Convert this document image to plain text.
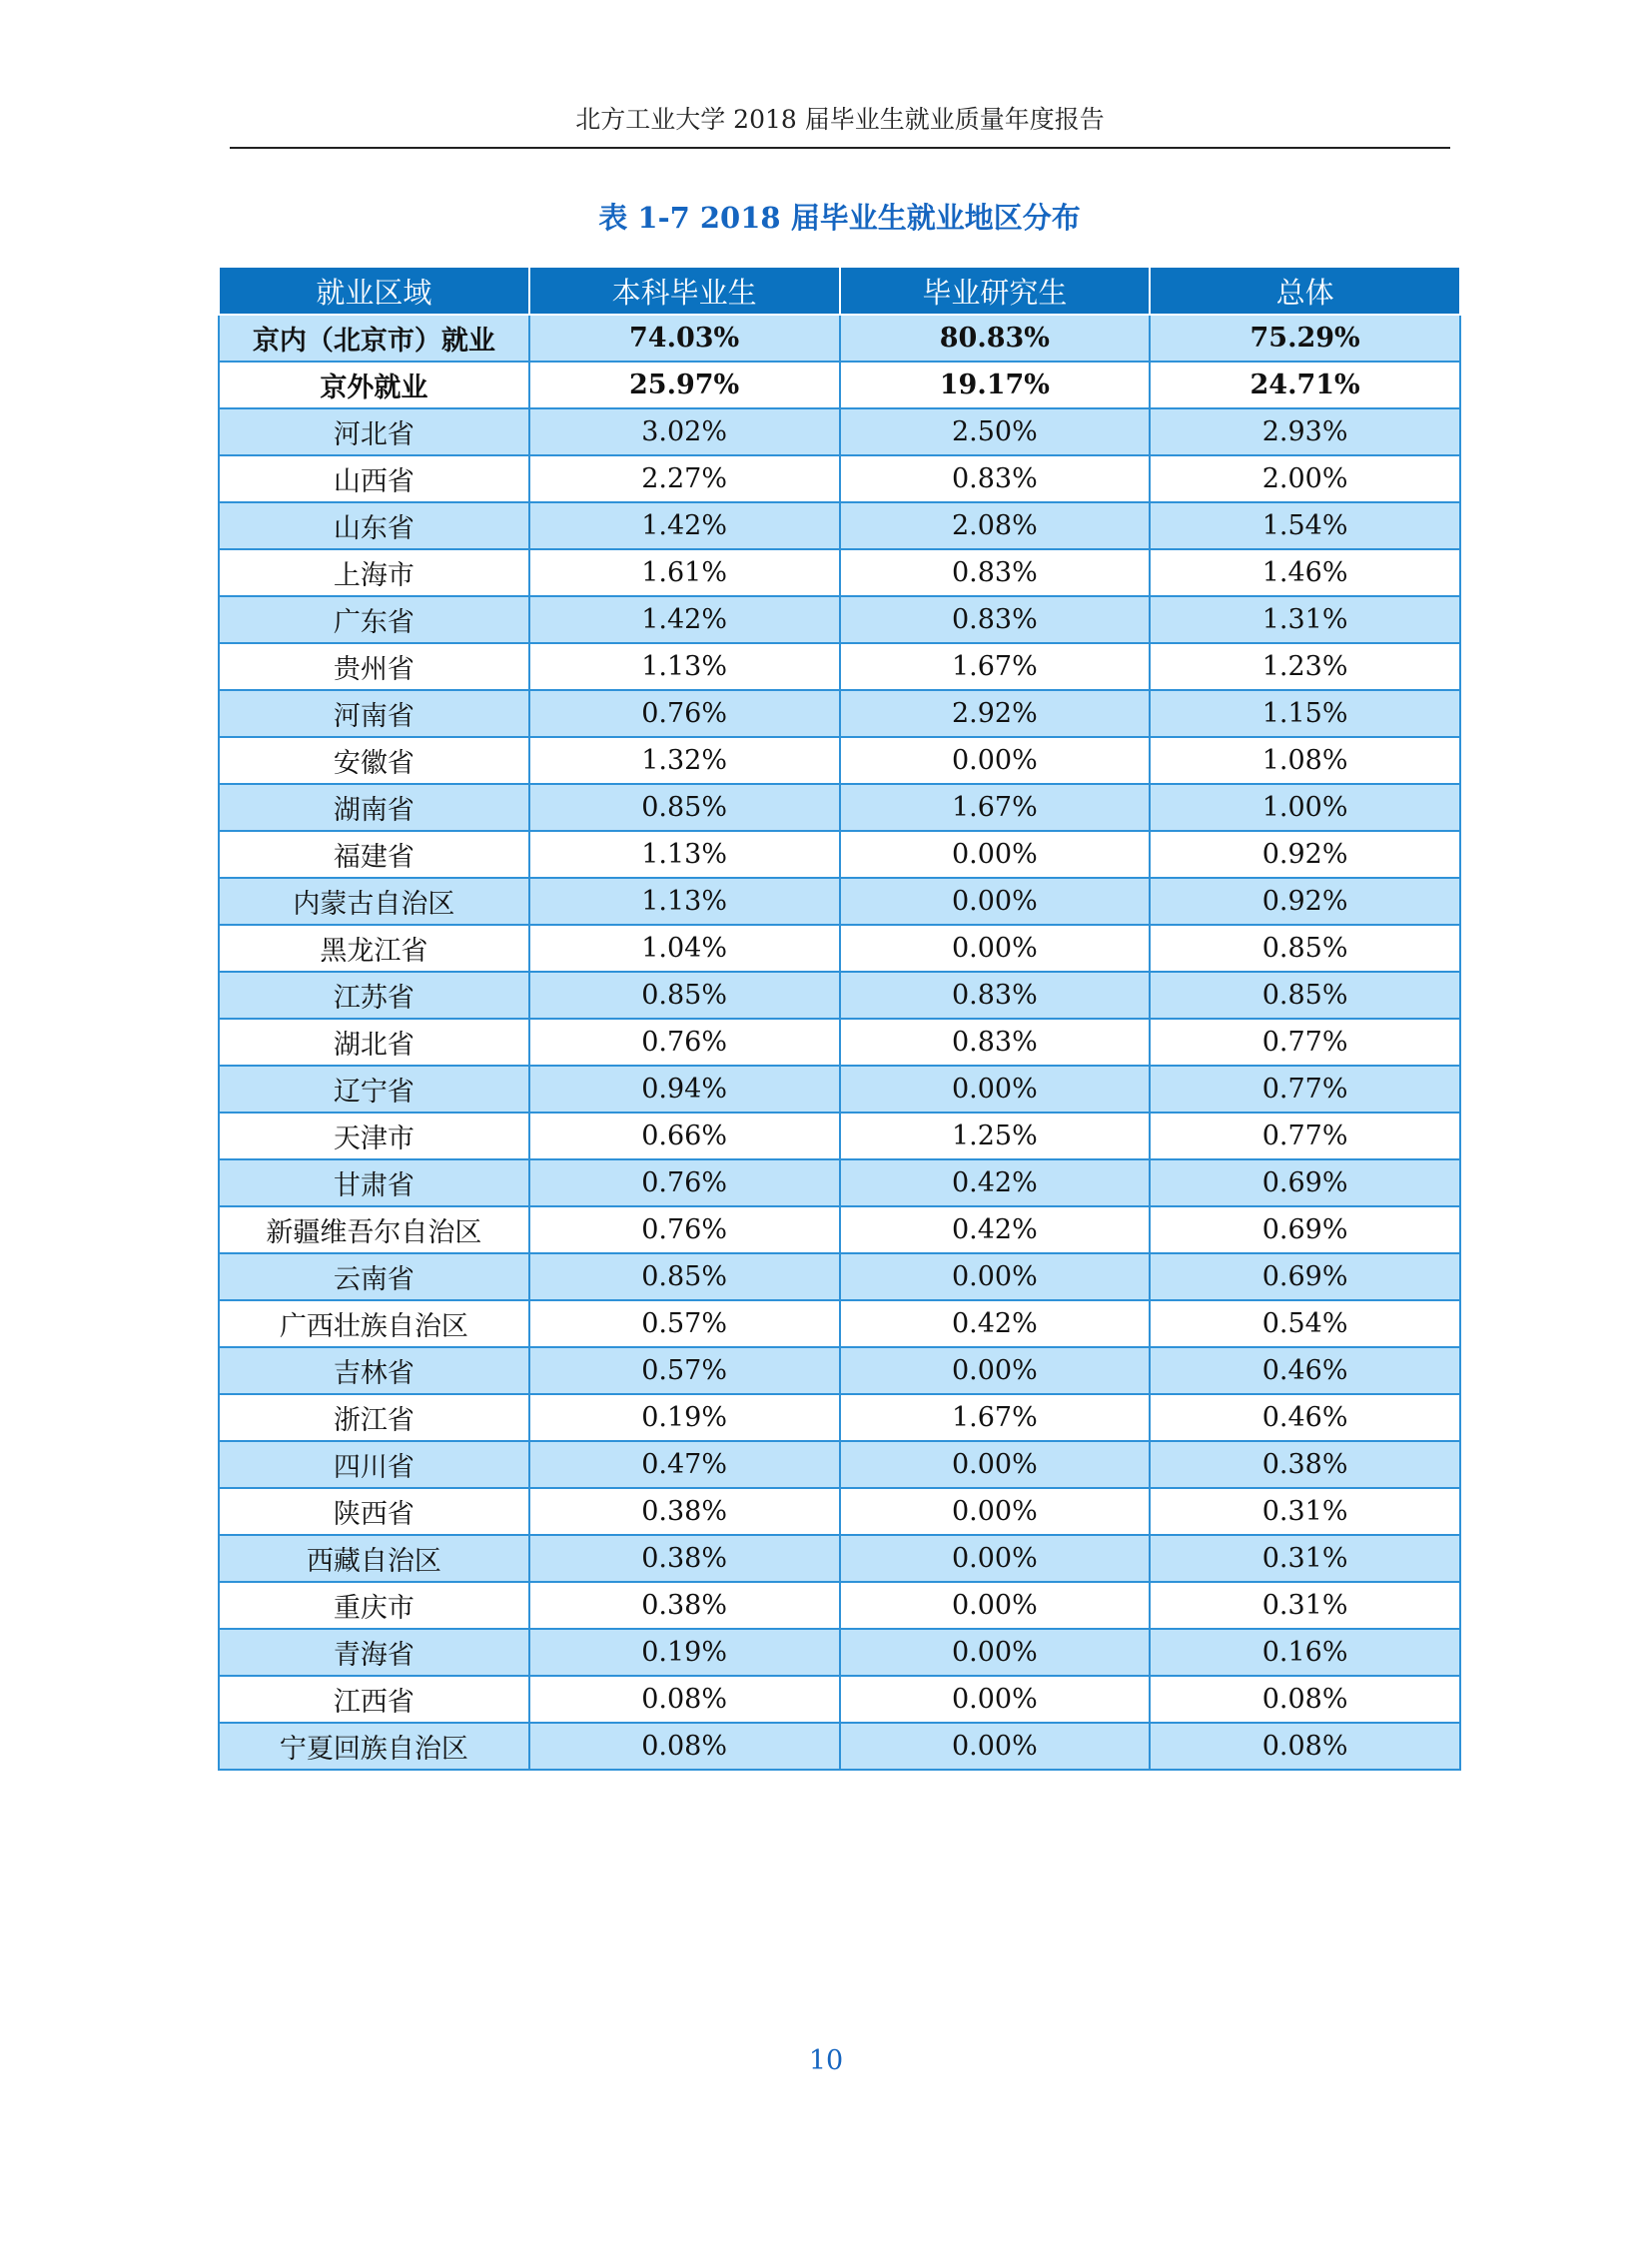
北方工业大学 2018 届毕业生就业质量年度报告
表 1-7 2018 届毕业生就业地区分布
就业区域	本科毕业生	毕业研究生	总体
京内（北京市）就业	74.03%	80.83%	75.29%
京外就业	25.97%	19.17%	24.71%
河北省	3.02%	2.50%	2.93%
山西省	2.27%	0.83%	2.00%
山东省	1.42%	2.08%	1.54%
上海市	1.61%	0.83%	1.46%
广东省	1.42%	0.83%	1.31%
贵州省	1.13%	1.67%	1.23%
河南省	0.76%	2.92%	1.15%
安徽省	1.32%	0.00%	1.08%
湖南省	0.85%	1.67%	1.00%
福建省	1.13%	0.00%	0.92%
内蒙古自治区	1.13%	0.00%	0.92%
黑龙江省	1.04%	0.00%	0.85%
江苏省	0.85%	0.83%	0.85%
湖北省	0.76%	0.83%	0.77%
辽宁省	0.94%	0.00%	0.77%
天津市	0.66%	1.25%	0.77%
甘肃省	0.76%	0.42%	0.69%
新疆维吾尔自治区	0.76%	0.42%	0.69%
云南省	0.85%	0.00%	0.69%
广西壮族自治区	0.57%	0.42%	0.54%
吉林省	0.57%	0.00%	0.46%
浙江省	0.19%	1.67%	0.46%
四川省	0.47%	0.00%	0.38%
陕西省	0.38%	0.00%	0.31%
西藏自治区	0.38%	0.00%	0.31%
重庆市	0.38%	0.00%	0.31%
青海省	0.19%	0.00%	0.16%
江西省	0.08%	0.00%	0.08%
宁夏回族自治区	0.08%	0.00%	0.08%
10
